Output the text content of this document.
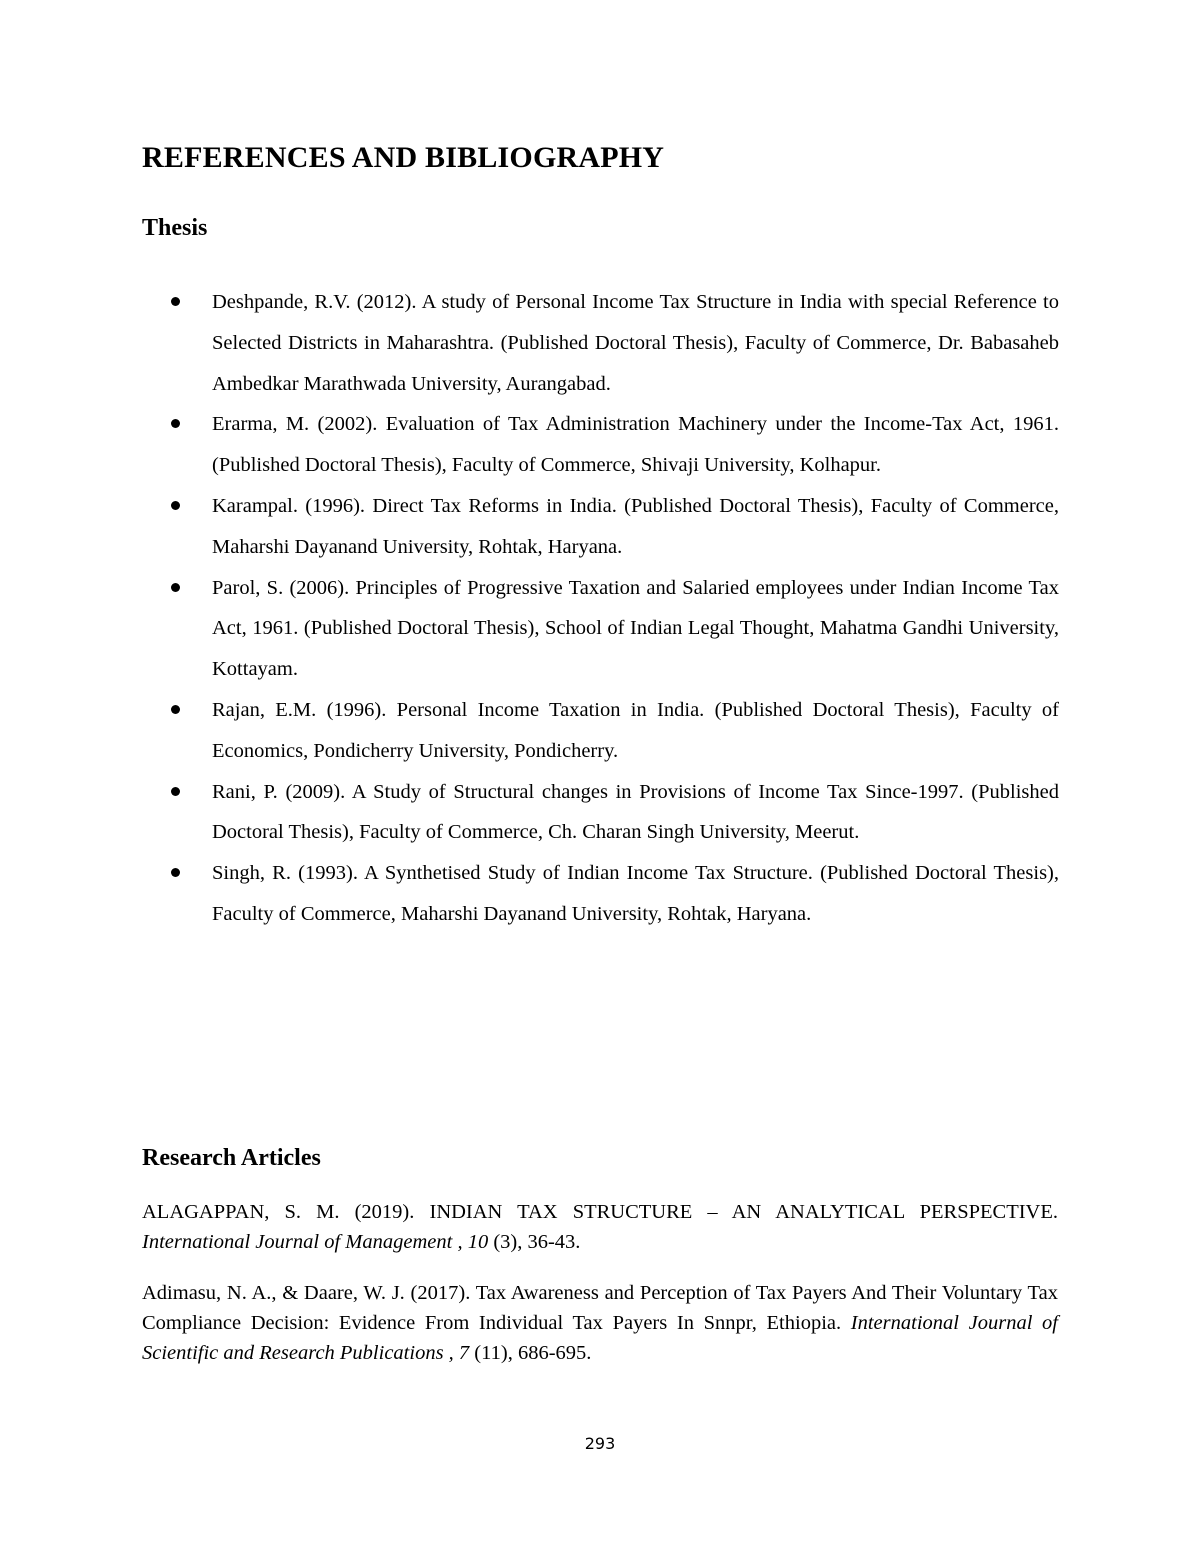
REFERENCES AND BIBLIOGRAPHY
Thesis
Deshpande, R.V. (2012). A study of Personal Income Tax Structure in India with special Reference to Selected Districts in Maharashtra. (Published Doctoral Thesis), Faculty of Commerce, Dr. Babasaheb Ambedkar Marathwada University, Aurangabad.
Erarma, M. (2002). Evaluation of Tax Administration Machinery under the Income-Tax Act, 1961. (Published Doctoral Thesis), Faculty of Commerce, Shivaji University, Kolhapur.
Karampal. (1996). Direct Tax Reforms in India. (Published Doctoral Thesis), Faculty of Commerce, Maharshi Dayanand University, Rohtak, Haryana.
Parol, S. (2006). Principles of Progressive Taxation and Salaried employees under Indian Income Tax Act, 1961. (Published Doctoral Thesis), School of Indian Legal Thought, Mahatma Gandhi University, Kottayam.
Rajan, E.M. (1996). Personal Income Taxation in India. (Published Doctoral Thesis), Faculty of Economics, Pondicherry University, Pondicherry.
Rani, P. (2009). A Study of Structural changes in Provisions of Income Tax Since-1997. (Published Doctoral Thesis), Faculty of Commerce, Ch. Charan Singh University, Meerut.
Singh, R. (1993). A Synthetised Study of Indian Income Tax Structure. (Published Doctoral Thesis), Faculty of Commerce, Maharshi Dayanand University, Rohtak, Haryana.
Research Articles

ALAGAPPAN, S. M. (2019). INDIAN TAX STRUCTURE – AN ANALYTICAL PERSPECTIVE. International Journal of Management , 10 (3), 36-43.

Adimasu, N. A., & Daare, W. J. (2017). Tax Awareness and Perception of Tax Payers And Their Voluntary Tax Compliance Decision: Evidence From Individual Tax Payers In Snnpr, Ethiopia. International Journal of Scientific and Research Publications , 7 (11), 686-695.

293
